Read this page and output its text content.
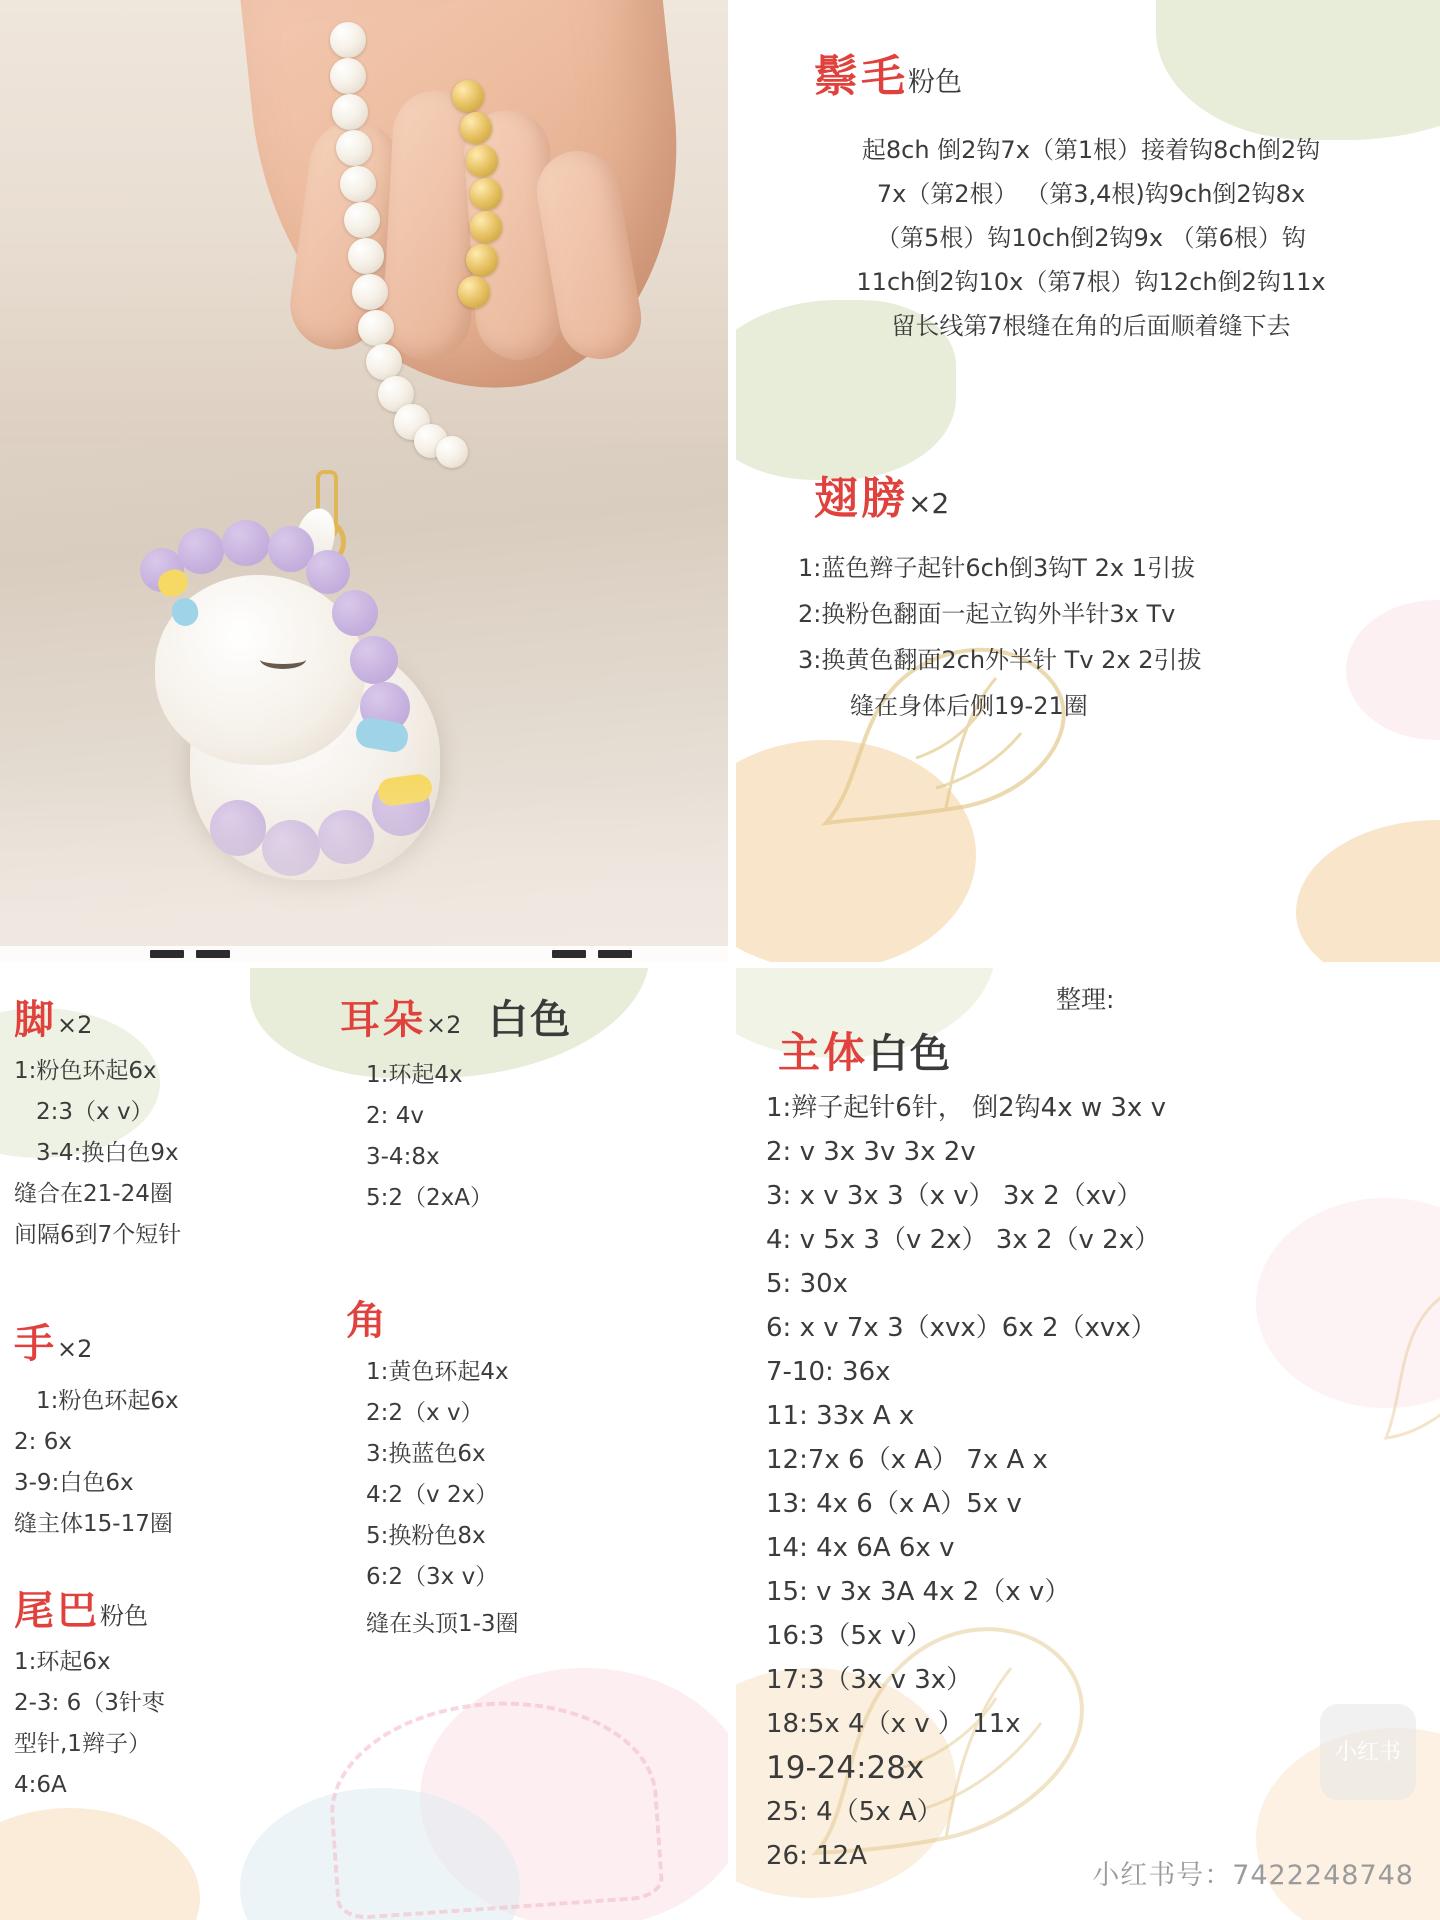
鬃毛粉色
起8ch 倒2钩7x（第1根）接着钩8ch倒2钩
7x（第2根） （第3,4根)钩9ch倒2钩8x
（第5根）钩10ch倒2钩9x （第6根）钩
11ch倒2钩10x（第7根）钩12ch倒2钩11x
留长线第7根缝在角的后面顺着缝下去
翅膀×2
1:蓝色辫子起针6ch倒3钩T 2x 1引拔
2:换粉色翻面一起立钩外半针3x Tv
3:换黄色翻面2ch外半针 Tv 2x 2引拔
缝在身体后侧19-21圈
脚×2
1:粉色环起6x
2:3（x v）
3-4:换白色9x
缝合在21-24圈
间隔6到7个短针
手×2
1:粉色环起6x
2: 6x
3-9:白色6x
缝主体15-17圈
尾巴粉色
1:环起6x
2-3: 6（3针枣
型针,1辫子）
4:6A
耳朵×2 白色
1:环起4x
2: 4v
3-4:8x
5:2（2xA）
角
1:黄色环起4x
2:2（x v）
3:换蓝色6x
4:2（v 2x）
5:换粉色8x
6:2（3x v）
缝在头顶1-3圈
整理:
主体白色
1:辫子起针6针， 倒2钩4x w 3x v
2: v 3x 3v 3x 2v
3: x v 3x 3（x v） 3x 2（xv）
4: v 5x 3（v 2x） 3x 2（v 2x）
5: 30x
6: x v 7x 3（xvx）6x 2（xvx）
7-10: 36x
11: 33x A x
12:7x 6（x A） 7x A x
13: 4x 6（x A）5x v
14: 4x 6A 6x v
15: v 3x 3A 4x 2（x v）
16:3（5x v）
17:3（3x v 3x）
18:5x 4（x v ） 11x
19-24:28x
25: 4（5x A）
26: 12A
小红书
小红书号：7422248748
